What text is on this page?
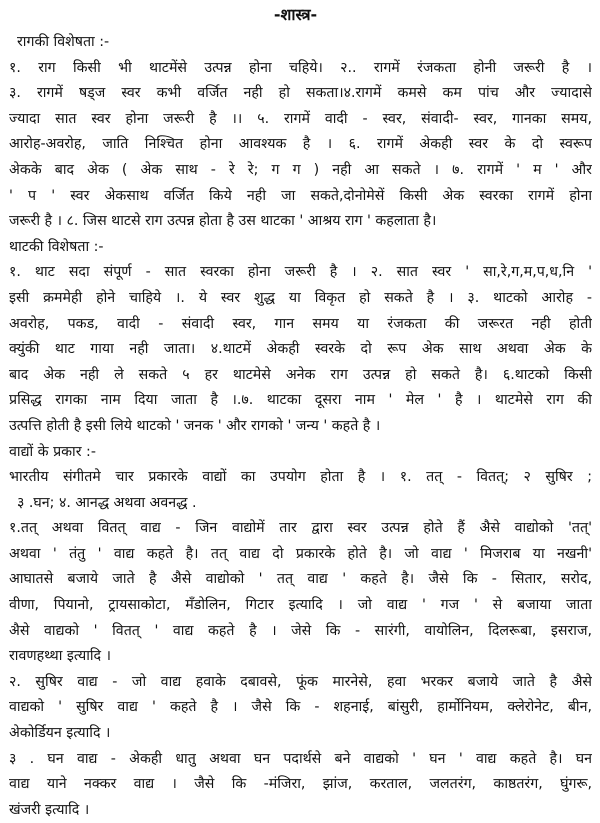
-शास्त्र-
रागकी विशेषता :-
१. राग किसी भी थाटमेंसे उत्पन्न होना चहिये। २.. रागमें रंजकता होनी जरूरी है ।
३. रागमें षड्ज स्वर कभी वर्जित नही हो सकता।४.रागमें कमसे कम पांच और ज्यादासे
ज्यादा सात स्वर होना जरूरी है ।। ५. रागमें वादी - स्वर, संवादी- स्वर, गानका समय,
आरोह-अवरोह, जाति निश्चित होना आवश्यक है । ६. रागमें अेकही स्वर के दो स्वरूप
अेकके बाद अेक ( अेक साथ - रे रे; ग ग ) नही आ सकते । ७. रागमें ' म ' और
' प ' स्वर अेकसाथ वर्जित किये नही जा सकते,दोनोमेसें किसी अेक स्वरका रागमें होना
जरूरी है । ८. जिस थाटसे राग उत्पन्न होता है उस थाटका ' आश्रय राग ' कहलाता है।
थाटकी विशेषता :-
१. थाट सदा संपूर्ण - सात स्वरका होना जरूरी है । २. सात स्वर ' सा,रे,ग,म,प,ध,नि '
इसी क्रममेही होने चाहिये ।. ये स्वर शुद्ध या विकृत हो सकते है । ३. थाटको आरोह -
अवरोह, पकड, वादी - संवादी स्वर, गान समय या रंजकता की जरूरत नही होती
क्युंकी थाट गाया नही जाता। ४.थाटमें अेकही स्वरके दो रूप अेक साथ अथवा अेक के
बाद अेक नही ले सकते ५ हर थाटमेसे अनेक राग उत्पन्न हो सकते है। ६.थाटको किसी
प्रसिद्ध रागका नाम दिया जाता है ।.७. थाटका दूसरा नाम ' मेल ' है । थाटमेसे राग की
उत्पत्ति होती है इसी लिये थाटको ' जनक ' और रागको ' जन्य ' कहते है ।
वाद्यों के प्रकार :-
भारतीय संगीतमे चार प्रकारके वाद्यों का उपयोग होता है । १. तत् - वितत्; २ सुषिर ;
३ .घन; ४. आनद्ध अथवा अवनद्ध .
१.तत् अथवा वितत् वाद्य - जिन वाद्योमें तार द्वारा स्वर उत्पन्न होते हैं अैसे वाद्योको 'तत्'
अथवा ' तंतु ' वाद्य कहते है। तत् वाद्य दो प्रकारके होते है। जो वाद्य ' मिजराब या नखनी'
आघातसे बजाये जाते है अैसे वाद्योको ' तत् वाद्य ' कहते है। जैसे कि - सितार, सरोद,
वीणा, पियानो, ट्रायसाकोटा, मॅंडोलिन, गिटार इत्यादि । जो वाद्य ' गज ' से बजाया जाता
अैसे वाद्यको ' वितत् ' वाद्य कहते है । जेसे कि - सारंगी, वायोलिन, दिलरूबा, इसराज,
रावणहथ्था इत्यादि ।
२. सुषिर वाद्य - जो वाद्य हवाके दबावसे, फूंक मारनेसे, हवा भरकर बजाये जाते है अैसे
वाद्यको ' सुषिर वाद्य ' कहते है । जैसे कि - शहनाई, बांसुरी, हार्मोनियम, क्लेरोनेट, बीन,
अेकोर्डियन इत्यादि ।
३ . घन वाद्य - अेकही धातु अथवा घन पदार्थसे बने वाद्यको ' घन ' वाद्य कहते है। घन
वाद्य याने नक्कर वाद्य । जैसे कि -मंजिरा, झांज, करताल, जलतरंग, काष्ठतरंग, घुंगरू,
खंजरी इत्यादि ।
